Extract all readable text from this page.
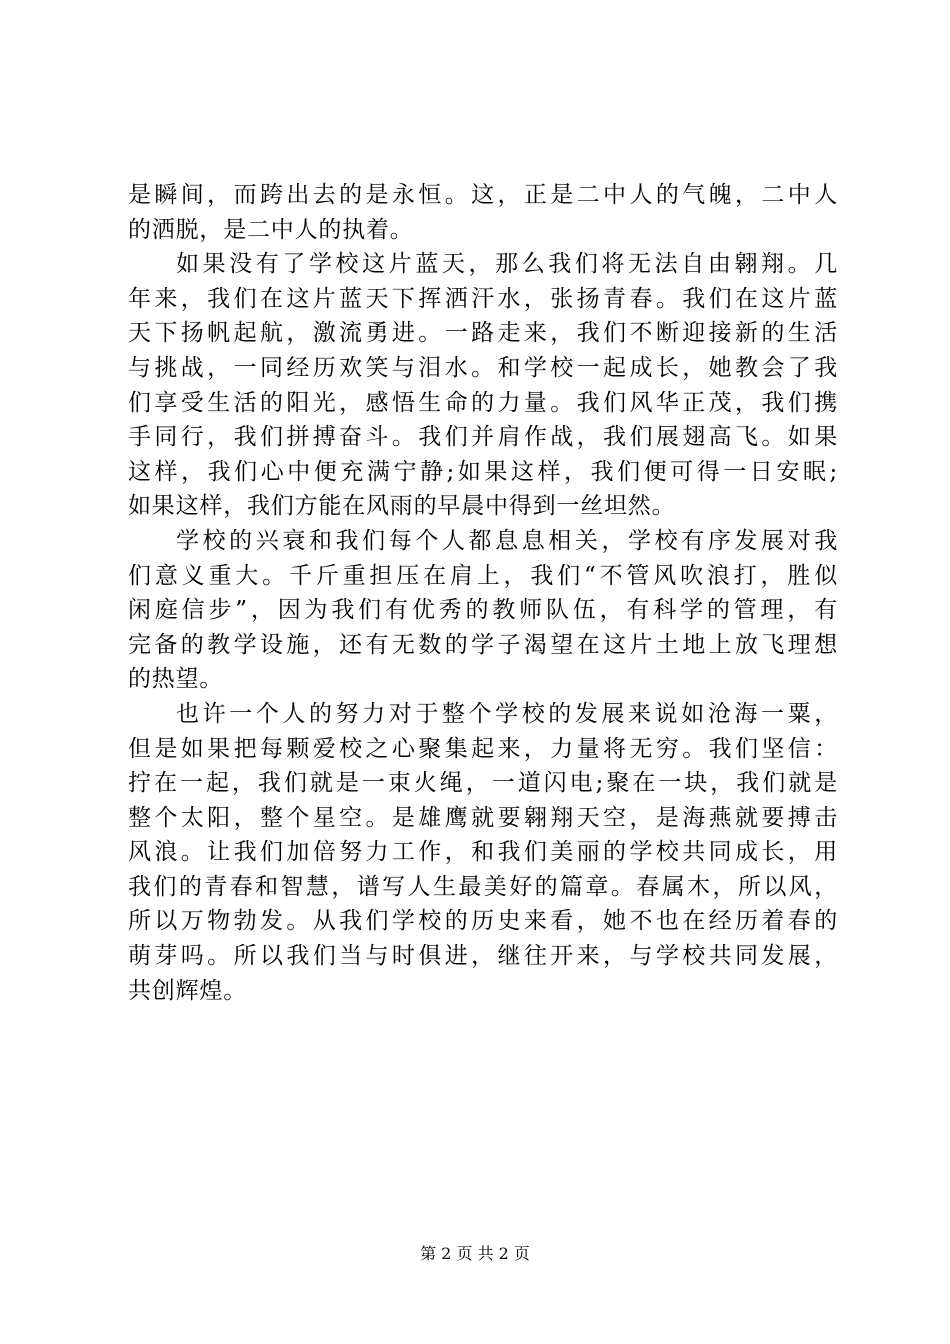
是瞬间，而跨出去的是永恒。这，正是二中人的气魄，二中人
的洒脱，是二中人的执着。
如果没有了学校这片蓝天，那么我们将无法自由翱翔。几
年来，我们在这片蓝天下挥洒汗水，张扬青春。我们在这片蓝
天下扬帆起航，激流勇进。一路走来，我们不断迎接新的生活
与挑战，一同经历欢笑与泪水。和学校一起成长，她教会了我
们享受生活的阳光，感悟生命的力量。我们风华正茂，我们携
手同行，我们拼搏奋斗。我们并肩作战，我们展翅高飞。如果
这样，我们心中便充满宁静;如果这样，我们便可得一日安眠;
如果这样，我们方能在风雨的早晨中得到一丝坦然。
学校的兴衰和我们每个人都息息相关，学校有序发展对我
们意义重大。千斤重担压在肩上，我们“不管风吹浪打，胜似
闲庭信步”，因为我们有优秀的教师队伍，有科学的管理，有
完备的教学设施，还有无数的学子渴望在这片土地上放飞理想
的热望。
也许一个人的努力对于整个学校的发展来说如沧海一粟，
但是如果把每颗爱校之心聚集起来，力量将无穷。我们坚信：
拧在一起，我们就是一束火绳，一道闪电;聚在一块，我们就是
整个太阳，整个星空。是雄鹰就要翱翔天空，是海燕就要搏击
风浪。让我们加倍努力工作，和我们美丽的学校共同成长，用
我们的青春和智慧，谱写人生最美好的篇章。春属木，所以风，
所以万物勃发。从我们学校的历史来看，她不也在经历着春的
萌芽吗。所以我们当与时俱进，继往开来，与学校共同发展，
共创辉煌。
第 2 页 共 2 页
